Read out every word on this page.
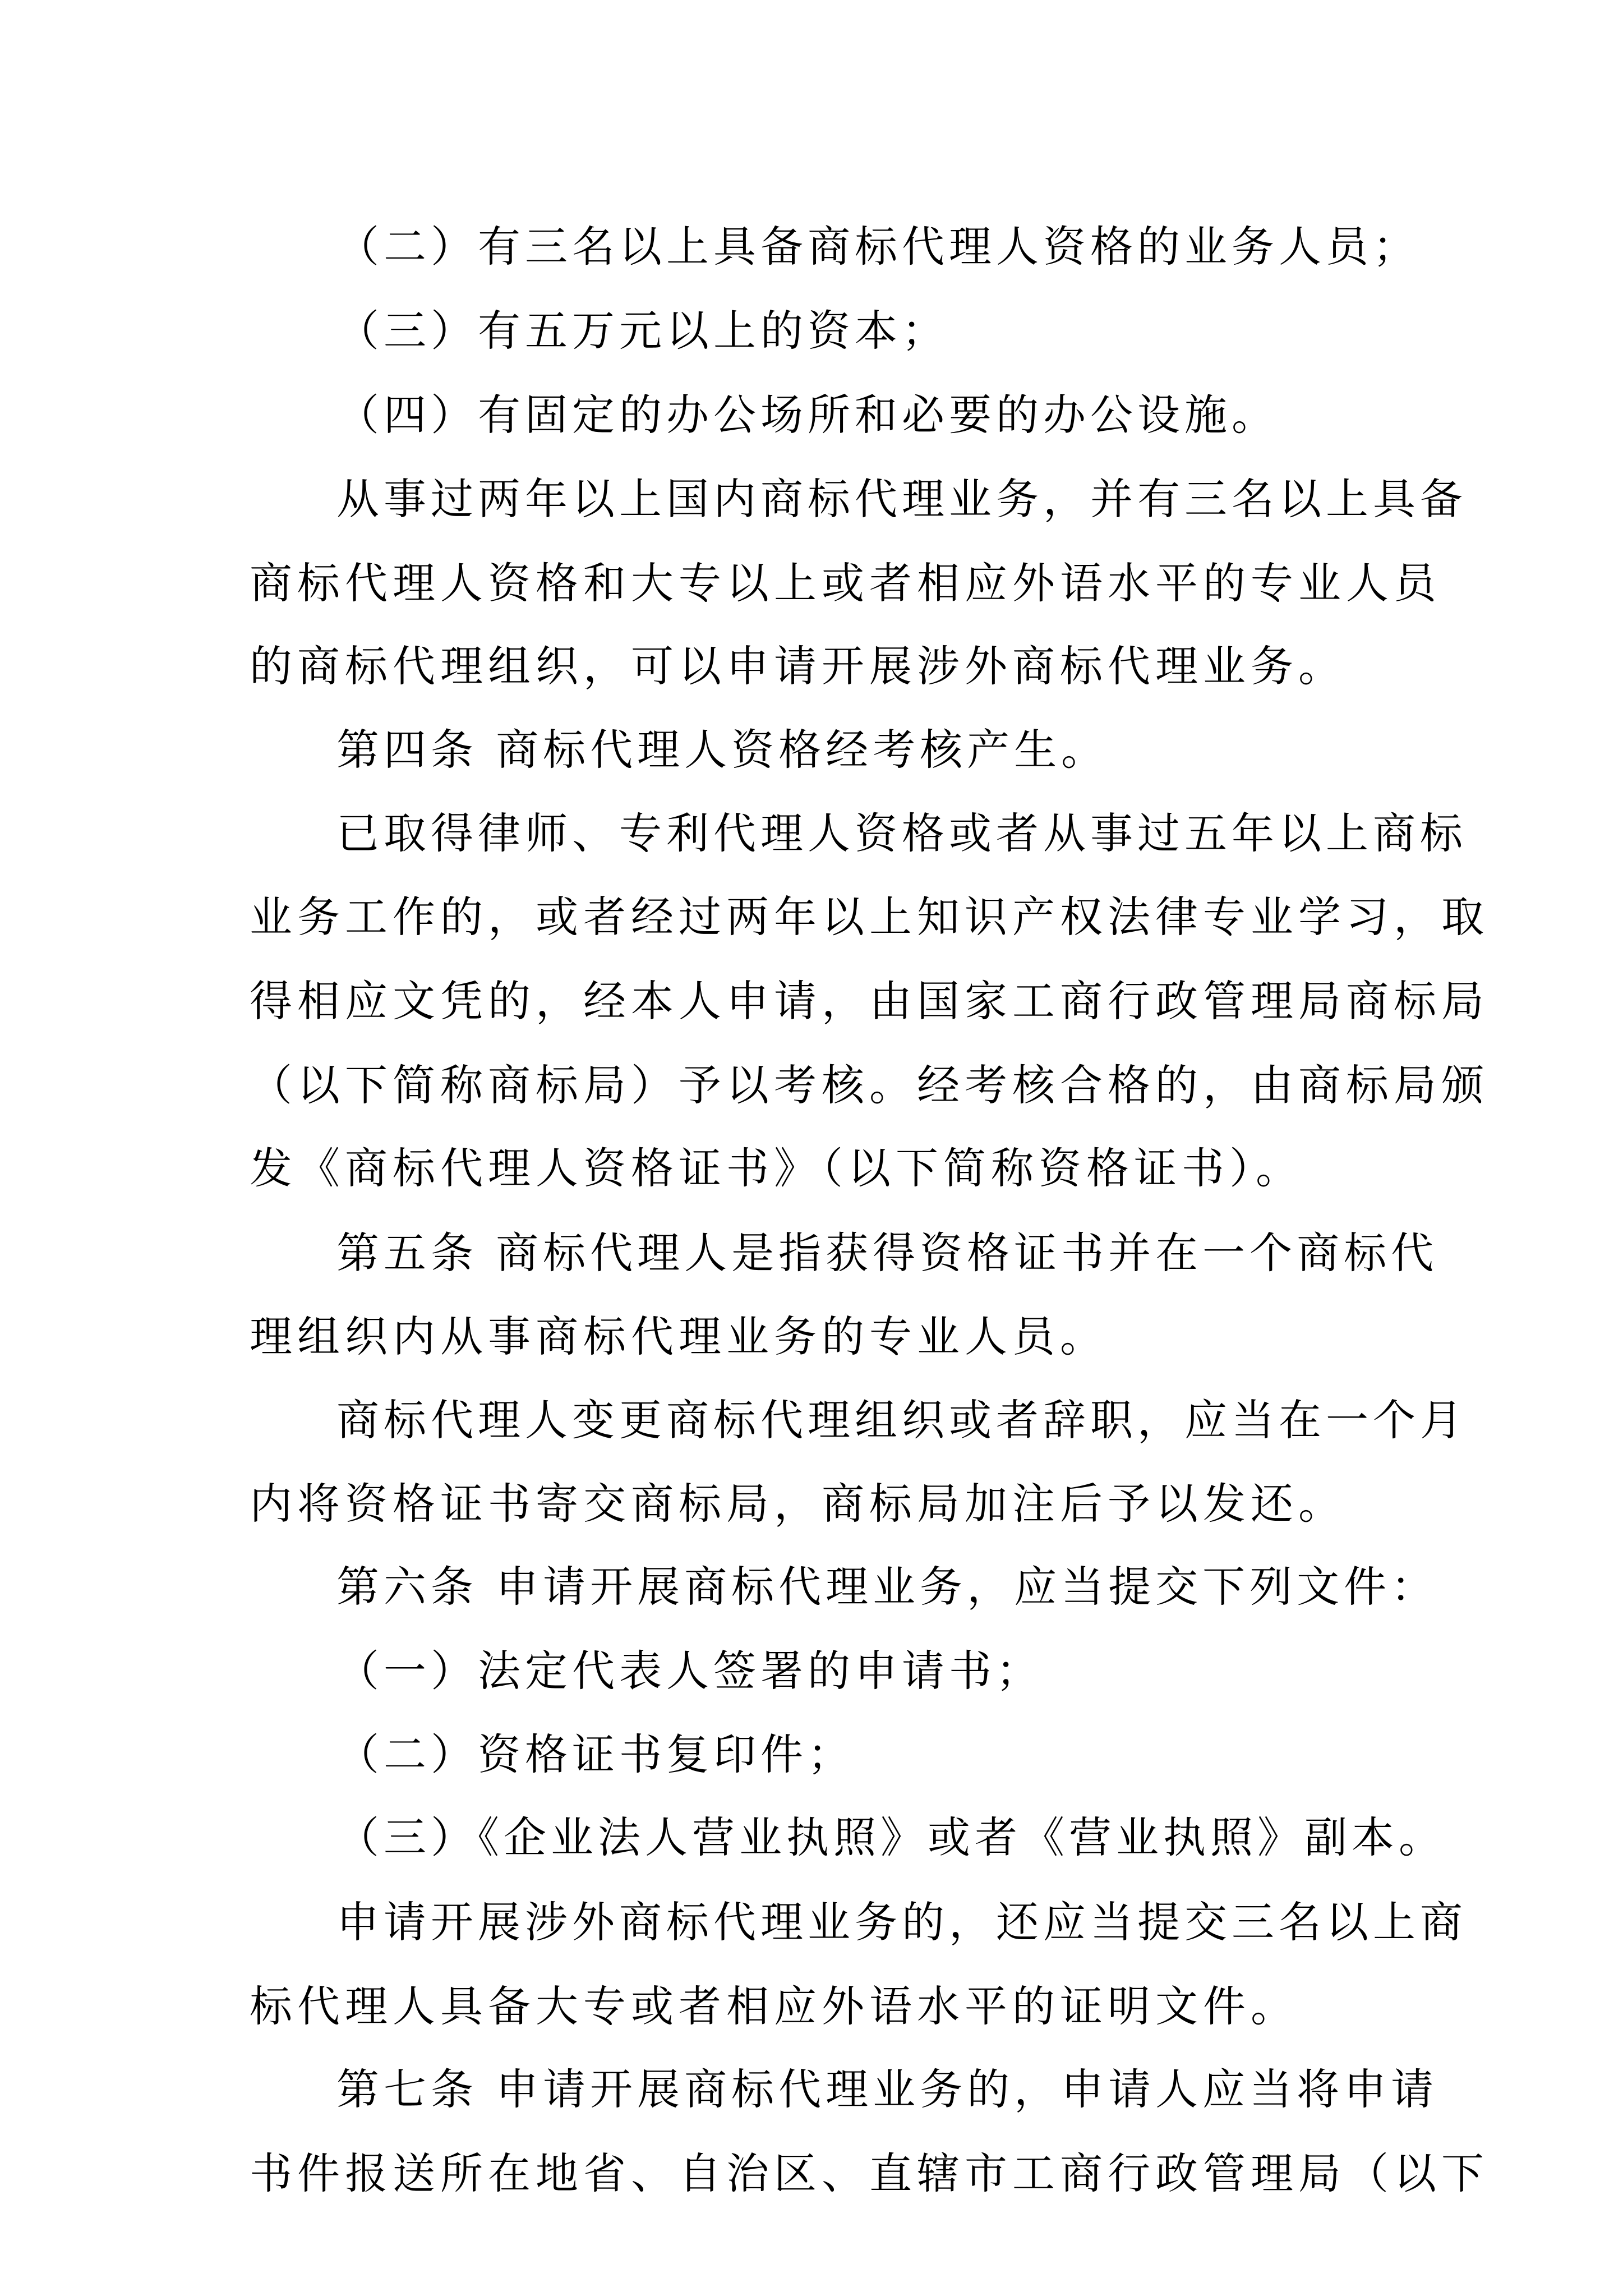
（二）有三名以上具备商标代理人资格的业务人员；
（三）有五万元以上的资本；
（四）有固定的办公场所和必要的办公设施。
从事过两年以上国内商标代理业务，并有三名以上具备
商标代理人资格和大专以上或者相应外语水平的专业人员
的商标代理组织，可以申请开展涉外商标代理业务。
第四条 商标代理人资格经考核产生。
已取得律师、专利代理人资格或者从事过五年以上商标
业务工作的，或者经过两年以上知识产权法律专业学习，取
得相应文凭的，经本人申请，由国家工商行政管理局商标局
（以下简称商标局）予以考核。经考核合格的，由商标局颁
发《商标代理人资格证书》（以下简称资格证书）。
第五条 商标代理人是指获得资格证书并在一个商标代
理组织内从事商标代理业务的专业人员。
商标代理人变更商标代理组织或者辞职，应当在一个月
内将资格证书寄交商标局，商标局加注后予以发还。
第六条 申请开展商标代理业务，应当提交下列文件：
（一）法定代表人签署的申请书；
（二）资格证书复印件；
（三）《企业法人营业执照》或者《营业执照》副本。
申请开展涉外商标代理业务的，还应当提交三名以上商
标代理人具备大专或者相应外语水平的证明文件。
第七条 申请开展商标代理业务的，申请人应当将申请
书件报送所在地省、自治区、直辖市工商行政管理局（以下
